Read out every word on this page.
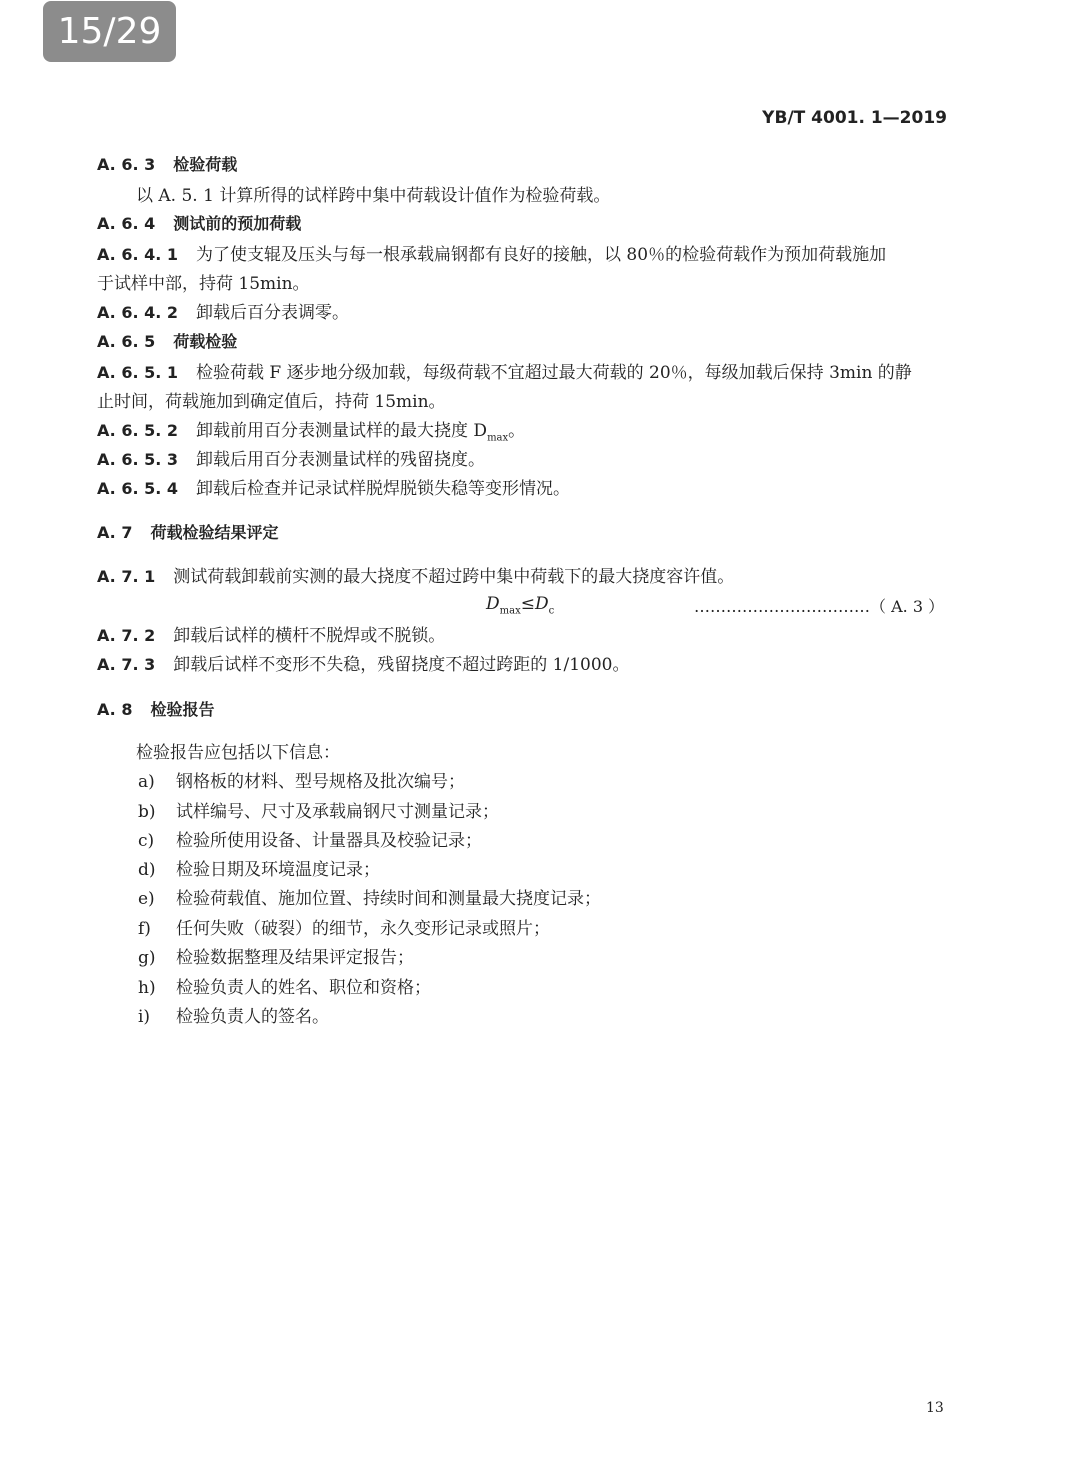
15/29
YB/T 4001. 1—2019
A. 6. 3 检验荷载
以 A. 5. 1 计算所得的试样跨中集中荷载设计值作为检验荷载。
A. 6. 4 测试前的预加荷载
A. 6. 4. 1 为了使支辊及压头与每一根承载扁钢都有良好的接触，以 80％的检验荷载作为预加荷载施加
于试样中部，持荷 15min。
A. 6. 4. 2 卸载后百分表调零。
A. 6. 5 荷载检验
A. 6. 5. 1 检验荷载 F 逐步地分级加载，每级荷载不宜超过最大荷载的 20％，每级加载后保持 3min 的静
止时间，荷载施加到确定值后，持荷 15min。
A. 6. 5. 2 卸载前用百分表测量试样的最大挠度 $D_{max}$。
A. 6. 5. 3 卸载后用百分表测量试样的残留挠度。
A. 6. 5. 4 卸载后检查并记录试样脱焊脱锁失稳等变形情况。
A. 7 荷载检验结果评定
A. 7. 1 测试荷载卸载前实测的最大挠度不超过跨中集中荷载下的最大挠度容许值。
$D_{max}\le D_c$	……………………………（ A. 3 ）
A. 7. 2 卸载后试样的横杆不脱焊或不脱锁。
A. 7. 3 卸载后试样不变形不失稳，残留挠度不超过跨距的 1/1000。
A. 8 检验报告
检验报告应包括以下信息：
a) 钢格板的材料、型号规格及批次编号；
b) 试样编号、尺寸及承载扁钢尺寸测量记录；
c) 检验所使用设备、计量器具及校验记录；
d) 检验日期及环境温度记录；
e) 检验荷载值、施加位置、持续时间和测量最大挠度记录；
f) 任何失败（破裂）的细节，永久变形记录或照片；
g) 检验数据整理及结果评定报告；
h) 检验负责人的姓名、职位和资格；
i) 检验负责人的签名。
13
